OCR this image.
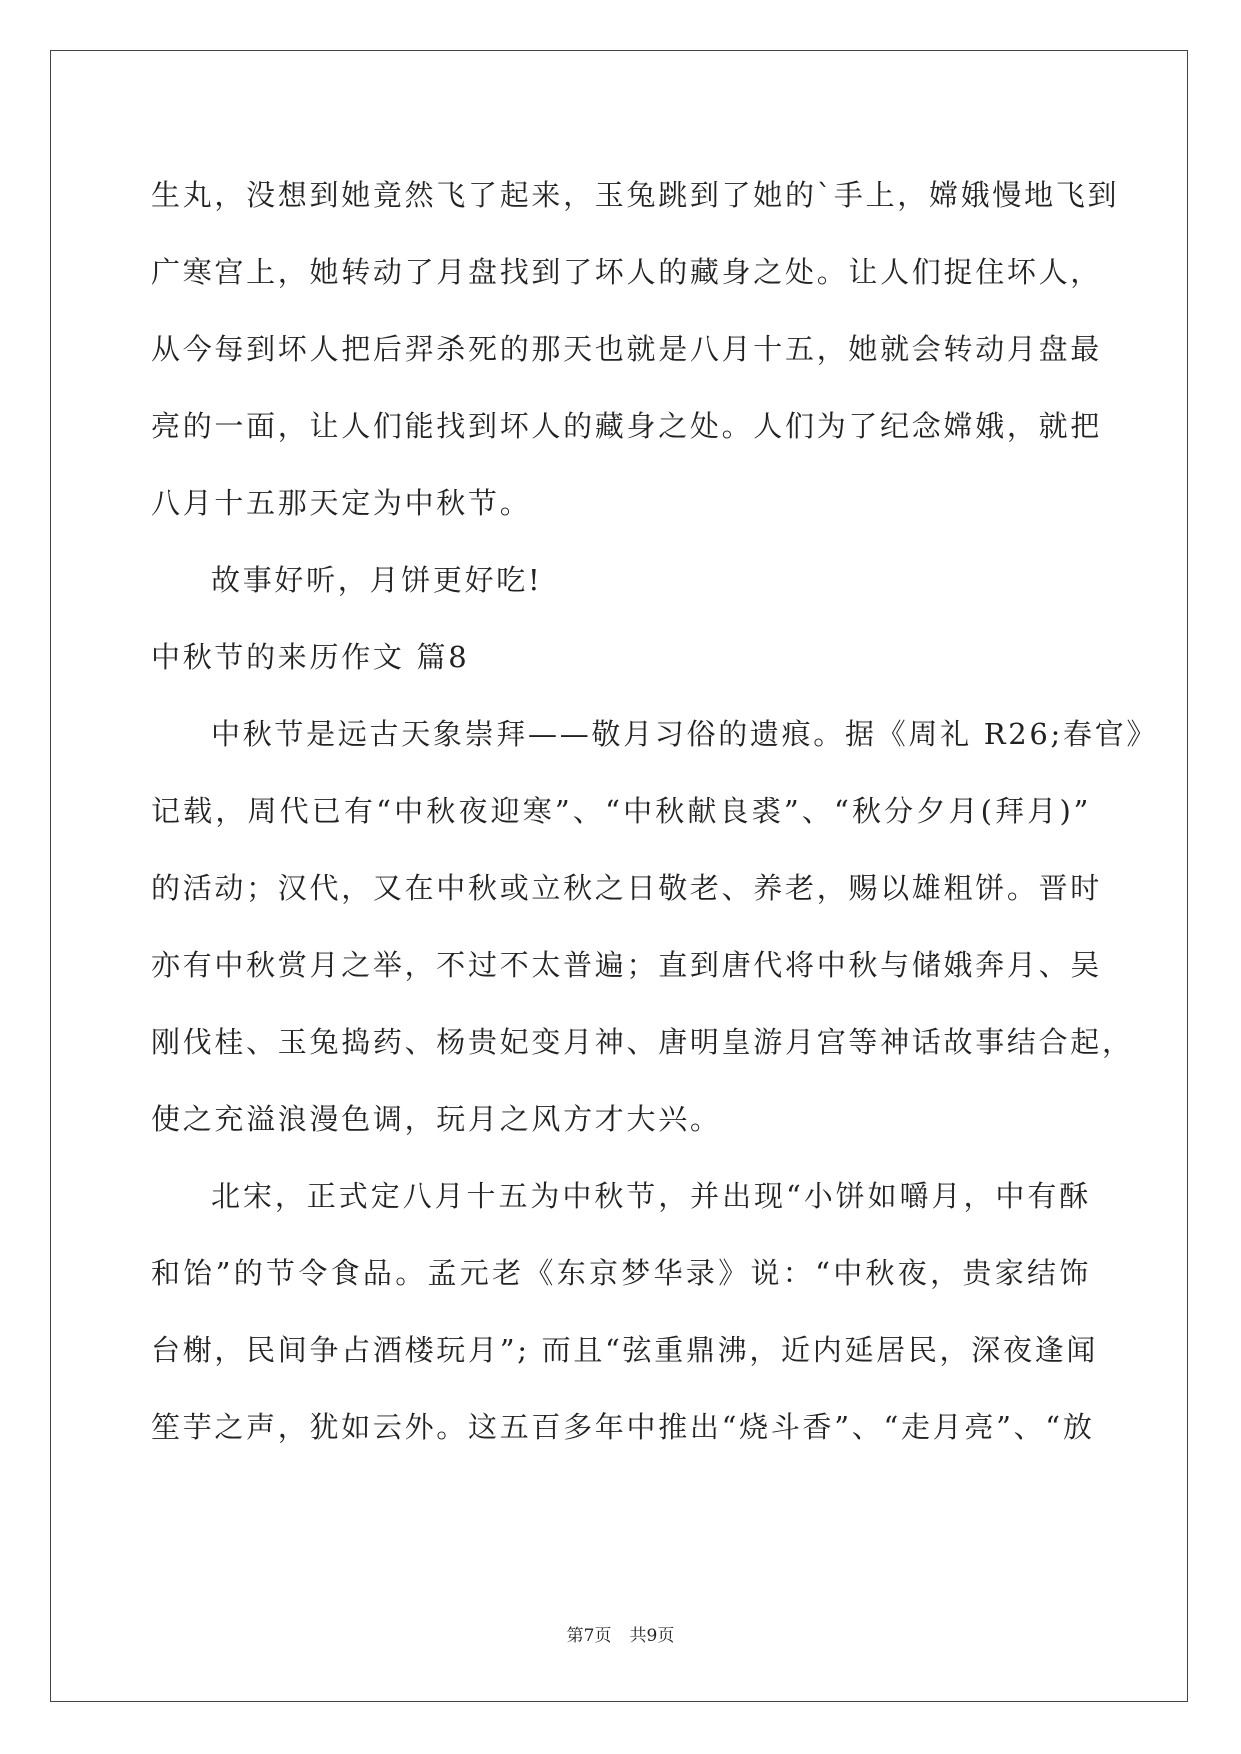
生丸，没想到她竟然飞了起来，玉兔跳到了她的`手上，嫦娥慢地飞到
广寒宫上，她转动了月盘找到了坏人的藏身之处。让人们捉住坏人，
从今每到坏人把后羿杀死的那天也就是八月十五，她就会转动月盘最
亮的一面，让人们能找到坏人的藏身之处。人们为了纪念嫦娥，就把
八月十五那天定为中秋节。
故事好听，月饼更好吃!
中秋节的来历作文 篇8
中秋节是远古天象崇拜——敬月习俗的遗痕。据《周礼 R26;春官》
记载，周代已有“中秋夜迎寒”、“中秋献良裘”、“秋分夕月(拜月)”
的活动；汉代，又在中秋或立秋之日敬老、养老，赐以雄粗饼。晋时
亦有中秋赏月之举，不过不太普遍；直到唐代将中秋与储娥奔月、吴
刚伐桂、玉兔捣药、杨贵妃变月神、唐明皇游月宫等神话故事结合起，
使之充溢浪漫色调，玩月之风方才大兴。
北宋，正式定八月十五为中秋节，并出现“小饼如嚼月，中有酥
和饴”的节令食品。孟元老《东京梦华录》说：“中秋夜，贵家结饰
台榭，民间争占酒楼玩月”; 而且“弦重鼎沸，近内延居民，深夜逢闻
笙芋之声，犹如云外。这五百多年中推出“烧斗香”、“走月亮”、“放
第7页 共9页
